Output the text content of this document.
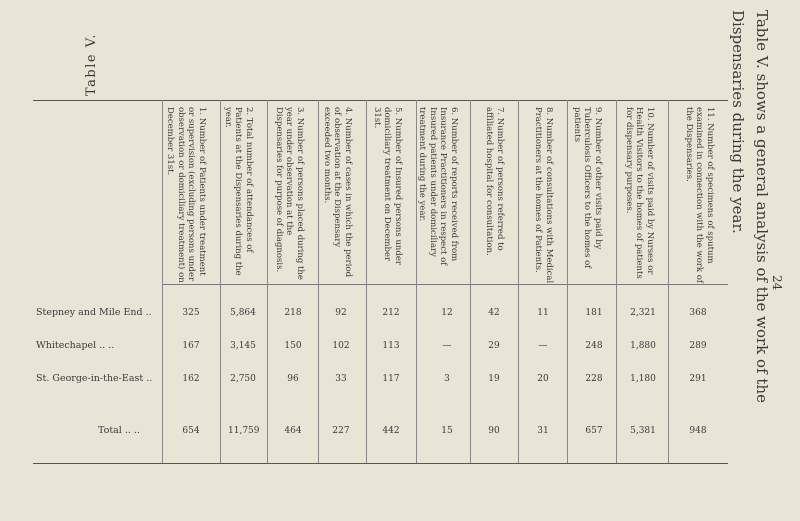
24
Table V. shows a general analysis of the work of the Dispensaries during the year.
Table V.
1. Number of Patients under treatment or supervision (excluding persons under observation or domiciliary treatment) on December 31st.	2. Total number of attendances of Patients at the Dispensaries during the year.	3. Number of persons placed during the year under observation at the Dispensaries for purpose of diagnosis.	4. Number of cases in which the period of observation at the Dispensary exceeded two months.	5. Number of Insured persons under domiciliary treatment on December 31st.	6. Number of reports received from Insurance Practitioners in respect of Insured patients under domiciliary treatment during the year.	7. Number of persons referred to affiliated hospital for consultation.	8. Number of consultations with Medical Practitioners at the homes of Patients.	9. Number of other visits paid by Tuberculosis Officers to the homes of patients	10. Number of visits paid by Nurses or Health Visitors to the homes of patients for dispensary purposes.	11. Number of specimens of sputum examined in connection with the work of the Dispensaries.
Stepney and Mile End ..	325	5,864	218	92	212	12	42	11	181	2,321	368
Whitechapel .. ..	167	3,145	150	102	113	—	29	—	248	1,880	289
St. George-in-the-East ..	162	2,750	96	33	117	3	19	20	228	1,180	291
Total .. ..	654	11,759	464	227	442	15	90	31	657	5,381	948
